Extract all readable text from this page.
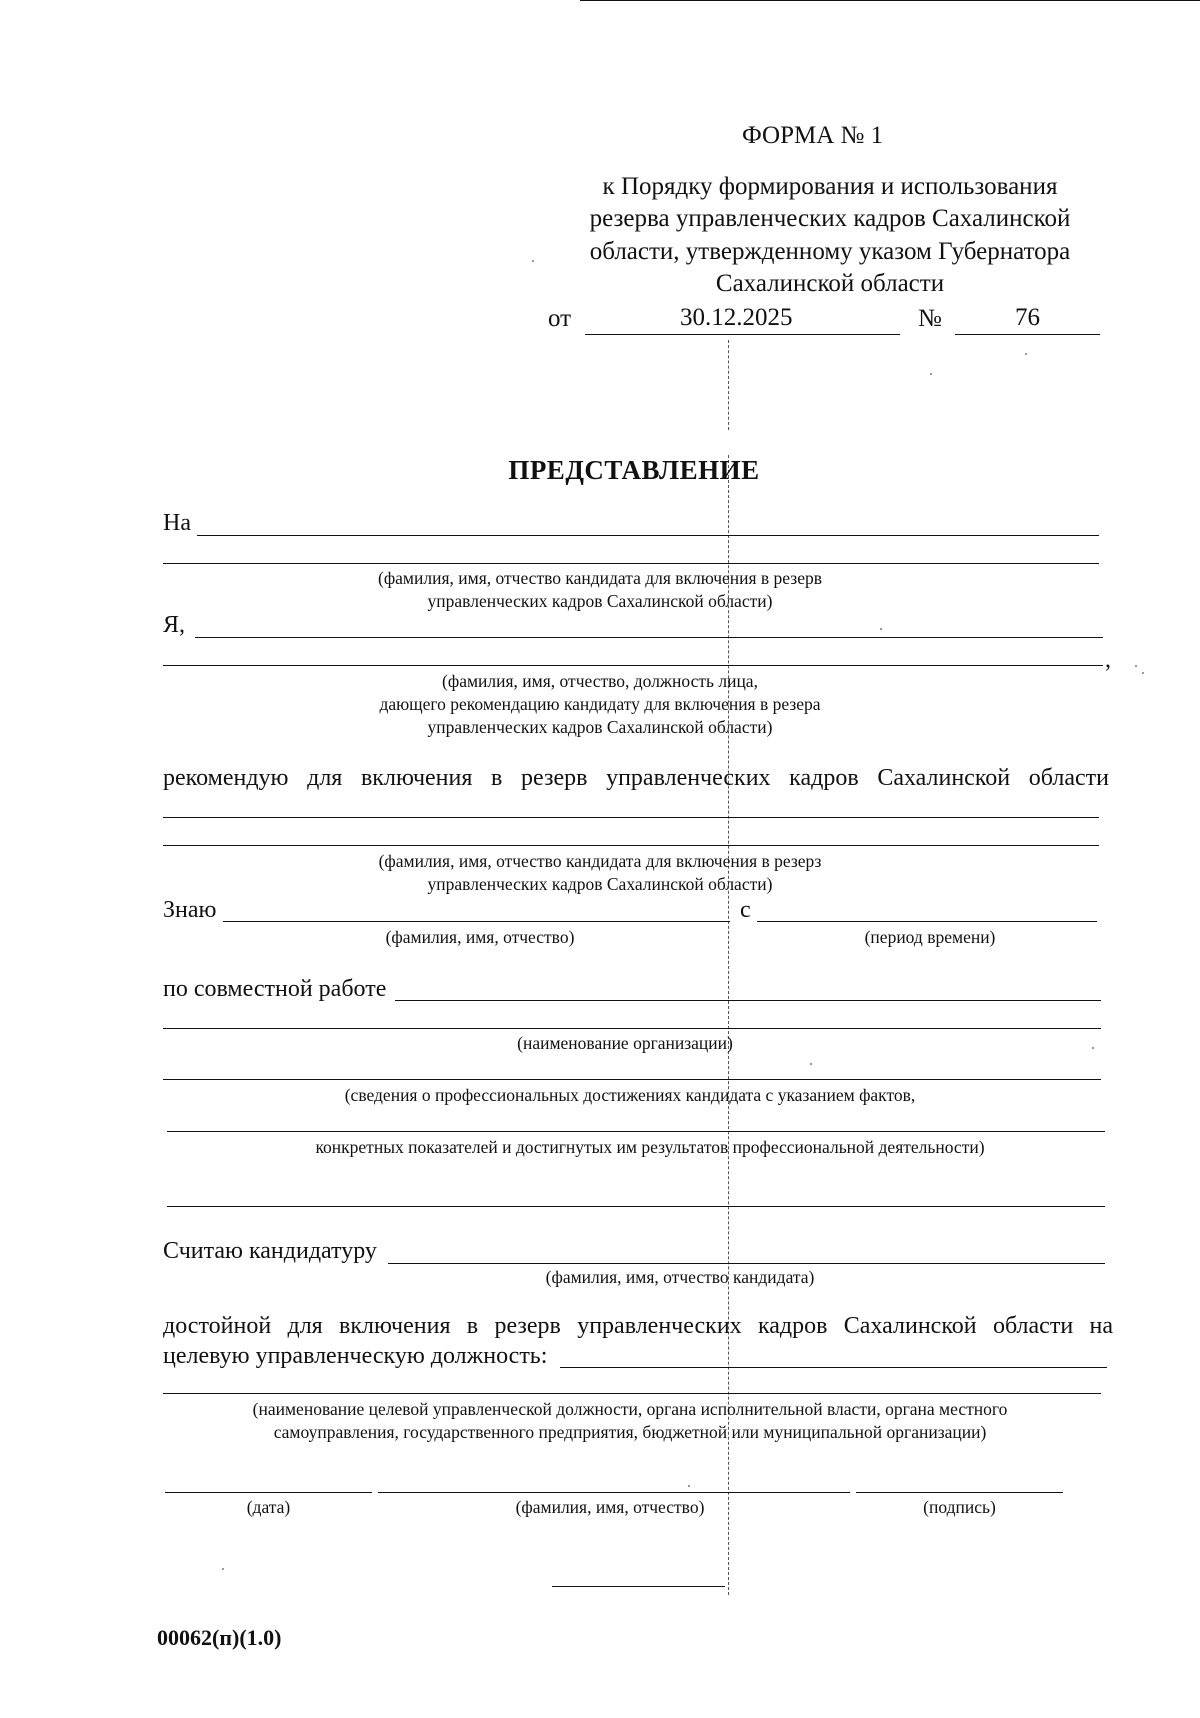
ФОРМА № 1
к Порядку формирования и использования
резерва управленческих кадров Сахалинской
области, утвержденному указом Губернатора
Сахалинской области
от	30.12.2025	№	76
ПРЕДСТАВЛЕНИЕ
На
(фамилия, имя, отчество кандидата для включения в резерв
управленческих кадров Сахалинской области)
Я,
,
(фамилия, имя, отчество, должность лица,
дающего рекомендацию кандидату для включения в резера
управленческих кадров Сахалинской области)
рекомендую для включения в резерв управленческих кадров Сахалинской области
(фамилия, имя, отчество кандидата для включения в резерз
управленческих кадров Сахалинской области)
Знаю	с
(фамилия, имя, отчество)	(период времени)
по совместной работе
(наименование организации)
(сведения о профессиональных достижениях кандидата с указанием фактов,
конкретных показателей и достигнутых им результатов профессиональной деятельности)
Считаю кандидатуру
(фамилия, имя, отчество кандидата)
достойной для включения в резерв управленческих кадров Сахалинской области на
целевую управленческую должность:
(наименование целевой управленческой должности, органа исполнительной власти, органа местного
самоуправления, государственного предприятия, бюджетной или муниципальной организации)
(дата)	(фамилия, имя, отчество)	(подпись)
00062(п)(1.0)
